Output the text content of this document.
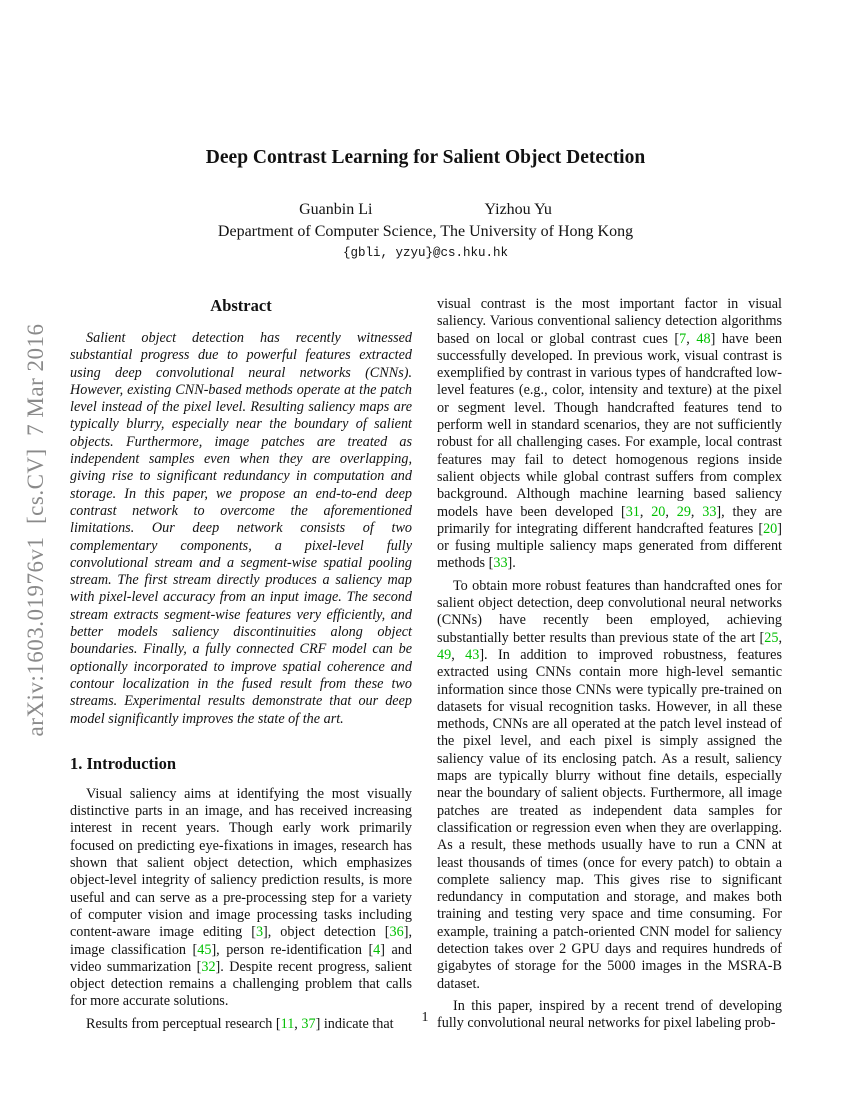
arXiv:1603.01976v1  [cs.CV]  7 Mar 2016
Deep Contrast Learning for Salient Object Detection
Guanbin Li	Yizhou Yu
Department of Computer Science, The University of Hong Kong
{gbli, yzyu}@cs.hku.hk
Abstract

Salient object detection has recently witnessed substantial progress due to powerful features extracted using deep convolutional neural networks (CNNs). However, existing CNN-based methods operate at the patch level instead of the pixel level. Resulting saliency maps are typically blurry, especially near the boundary of salient objects. Furthermore, image patches are treated as independent samples even when they are overlapping, giving rise to significant redundancy in computation and storage. In this paper, we propose an end-to-end deep contrast network to overcome the aforementioned limitations. Our deep network consists of two complementary components, a pixel-level fully convolutional stream and a segment-wise spatial pooling stream. The first stream directly produces a saliency map with pixel-level accuracy from an input image. The second stream extracts segment-wise features very efficiently, and better models saliency discontinuities along object boundaries. Finally, a fully connected CRF model can be optionally incorporated to improve spatial coherence and contour localization in the fused result from these two streams. Experimental results demonstrate that our deep model significantly improves the state of the art.

1. Introduction

Visual saliency aims at identifying the most visually distinctive parts in an image, and has received increasing interest in recent years. Though early work primarily focused on predicting eye-fixations in images, research has shown that salient object detection, which emphasizes object-level integrity of saliency prediction results, is more useful and can serve as a pre-processing step for a variety of computer vision and image processing tasks including content-aware image editing [3], object detection [36], image classification [45], person re-identification [4] and video summarization [32]. Despite recent progress, salient object detection remains a challenging problem that calls for more accurate solutions.

Results from perceptual research [11, 37] indicate that

visual contrast is the most important factor in visual saliency. Various conventional saliency detection algorithms based on local or global contrast cues [7, 48] have been successfully developed. In previous work, visual contrast is exemplified by contrast in various types of handcrafted low-level features (e.g., color, intensity and texture) at the pixel or segment level. Though handcrafted features tend to perform well in standard scenarios, they are not sufficiently robust for all challenging cases. For example, local contrast features may fail to detect homogenous regions inside salient objects while global contrast suffers from complex background. Although machine learning based saliency models have been developed [31, 20, 29, 33], they are primarily for integrating different handcrafted features [20] or fusing multiple saliency maps generated from different methods [33].

To obtain more robust features than handcrafted ones for salient object detection, deep convolutional neural networks (CNNs) have recently been employed, achieving substantially better results than previous state of the art [25, 49, 43]. In addition to improved robustness, features extracted using CNNs contain more high-level semantic information since those CNNs were typically pre-trained on datasets for visual recognition tasks. However, in all these methods, CNNs are all operated at the patch level instead of the pixel level, and each pixel is simply assigned the saliency value of its enclosing patch. As a result, saliency maps are typically blurry without fine details, especially near the boundary of salient objects. Furthermore, all image patches are treated as independent data samples for classification or regression even when they are overlapping. As a result, these methods usually have to run a CNN at least thousands of times (once for every patch) to obtain a complete saliency map. This gives rise to significant redundancy in computation and storage, and makes both training and testing very space and time consuming. For example, training a patch-oriented CNN model for saliency detection takes over 2 GPU days and requires hundreds of gigabytes of storage for the 5000 images in the MSRA-B dataset.

In this paper, inspired by a recent trend of developing fully convolutional neural networks for pixel labeling prob-

1
